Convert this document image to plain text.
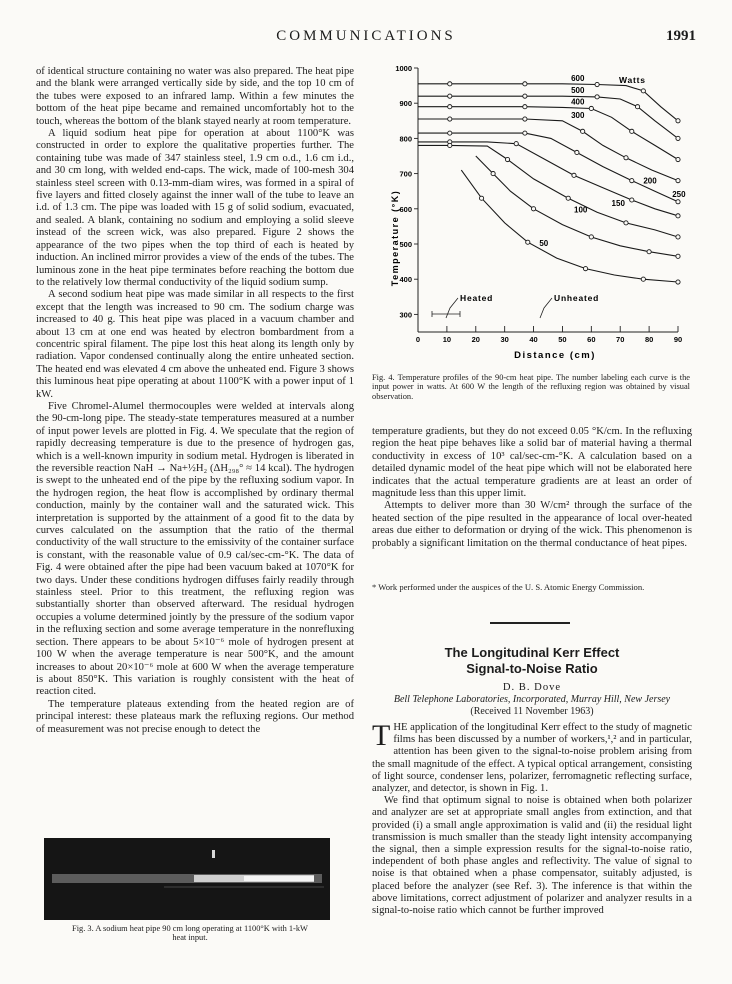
COMMUNICATIONS	1991

of identical structure containing no water was also prepared. The heat pipe and the blank were arranged vertically side by side, and the top 10 cm of the tubes were exposed to an infrared lamp. Within a few minutes the bottom of the heat pipe became and remained uncomfortably hot to the touch, whereas the bottom of the blank stayed nearly at room temperature.

A liquid sodium heat pipe for operation at about 1100°K was constructed in order to explore the qualitative properties further. The containing tube was made of 347 stainless steel, 1.9 cm o.d., 1.6 cm i.d., and 30 cm long, with welded end-caps. The wick, made of 100-mesh 304 stainless steel screen with 0.13-mm-diam wires, was formed in a spiral of five layers and fitted closely against the inner wall of the tube to leave an i.d. of 1.3 cm. The pipe was loaded with 15 g of solid sodium, evacuated, and sealed. A blank, containing no sodium and employing a solid sleeve instead of the screen wick, was also prepared. Figure 2 shows the appearance of the two pipes when the top third of each is heated by induction. An inclined mirror provides a view of the ends of the tubes. The luminous zone in the heat pipe terminates before reaching the bottom due to the relatively low thermal conductivity of the liquid sodium sump.

A second sodium heat pipe was made similar in all respects to the first except that the length was increased to 90 cm. The sodium charge was increased to 40 g. This heat pipe was placed in a vacuum chamber and about 13 cm at one end was heated by electron bombardment from a concentric spiral filament. The pipe lost this heat along its length only by radiation. Vapor condensed continually along the entire unheated section. The heated end was elevated 4 cm above the unheated end. Figure 3 shows this luminous heat pipe operating at about 1100°K with a power input of 1 kW.

Five Chromel-Alumel thermocouples were welded at intervals along the 90-cm-long pipe. The steady-state temperatures measured at a number of input power levels are plotted in Fig. 4. We speculate that the region of rapidly decreasing temperature is due to the presence of hydrogen gas, which is a well-known impurity in sodium metal. Hydrogen is liberated in the reversible reaction NaH → Na+½H₂ (ΔH₂₉₈° ≈ 14 kcal). The hydrogen is swept to the unheated end of the pipe by the refluxing sodium vapor. In the hydrogen region, the heat flow is accomplished by ordinary thermal conduction, mainly by the container wall and the saturated wick. This interpretation is supported by the attainment of a good fit to the data by curves calculated on the assumption that the ratio of the thermal conductivity of the wall structure to the emissivity of the container surface is constant, with the reasonable value of 0.9 cal/sec-cm-°K. The data of Fig. 4 were obtained after the pipe had been vacuum baked at 1070°K for two days. Under these conditions hydrogen diffuses fairly readily through stainless steel. Prior to this treatment, the refluxing region was substantially shorter than observed afterward. The residual hydrogen occupies a volume determined jointly by the pressure of the sodium vapor in the refluxing section and some average temperature in the nonrefluxing section. There appears to be about 5×10⁻⁶ mole of hydrogen present at 100 W when the average temperature is near 500°K, and the amount increases to about 20×10⁻⁶ mole at 600 W when the average temperature is about 850°K. This variation is roughly consistent with the heat of reaction cited.

The temperature plateaus extending from the heated region are of principal interest: these plateaus mark the refluxing regions. Our method of measurement was not precise enough to detect the

Fig. 3. A sodium heat pipe 90 cm long operating at 1100°K with 1-kW heat input.
600
500
400
300
250
200
150
100
50
300
400
500
600
700
800
900
1000
0	10	20	30	40	50	60	70	80	90
Distance (cm)
Temperature (°K)
Watts
Heated	Unheated
Fig. 4. Temperature profiles of the 90-cm heat pipe. The number labeling each curve is the input power in watts. At 600 W the length of the refluxing region was obtained by visual observation.

temperature gradients, but they do not exceed 0.05 °K/cm. In the refluxing region the heat pipe behaves like a solid bar of material having a thermal conductivity in excess of 10³ cal/sec-cm-°K. A calculation based on a detailed dynamic model of the heat pipe which will not be elaborated here indicates that the actual temperature gradients are at least an order of magnitude less than this upper limit.

Attempts to deliver more than 30 W/cm² through the surface of the heated section of the pipe resulted in the appearance of local over-heated areas due either to deformation or drying of the wick. This phenomenon is probably a significant limitation on the thermal conductance of heat pipes.

* Work performed under the auspices of the U. S. Atomic Energy Commission.
The Longitudinal Kerr Effect
Signal-to-Noise Ratio
D. B. Dove
Bell Telephone Laboratories, Incorporated, Murray Hill, New Jersey
(Received 11 November 1963)

THE application of the longitudinal Kerr effect to the study of magnetic films has been discussed by a number of workers,¹,² and in particular, attention has been given to the signal-to-noise problem arising from the small magnitude of the effect. A typical optical arrangement, consisting of light source, condenser lens, polarizer, ferromagnetic reflecting surface, analyzer, and detector, is shown in Fig. 1.

We find that optimum signal to noise is obtained when both polarizer and analyzer are set at appropriate small angles from extinction, and that provided (i) a small angle approximation is valid and (ii) the residual light transmission is much smaller than the steady light intensity accompanying the signal, then a simple expression results for the signal-to-noise ratio, independent of both phase angles and reflectivity. The value of signal to noise is that obtained when a phase compensator, suitably adjusted, is placed before the analyzer (see Ref. 3). The inference is that within the above limitations, correct adjustment of polarizer and analyzer results in a signal-to-noise ratio which cannot be further improved
